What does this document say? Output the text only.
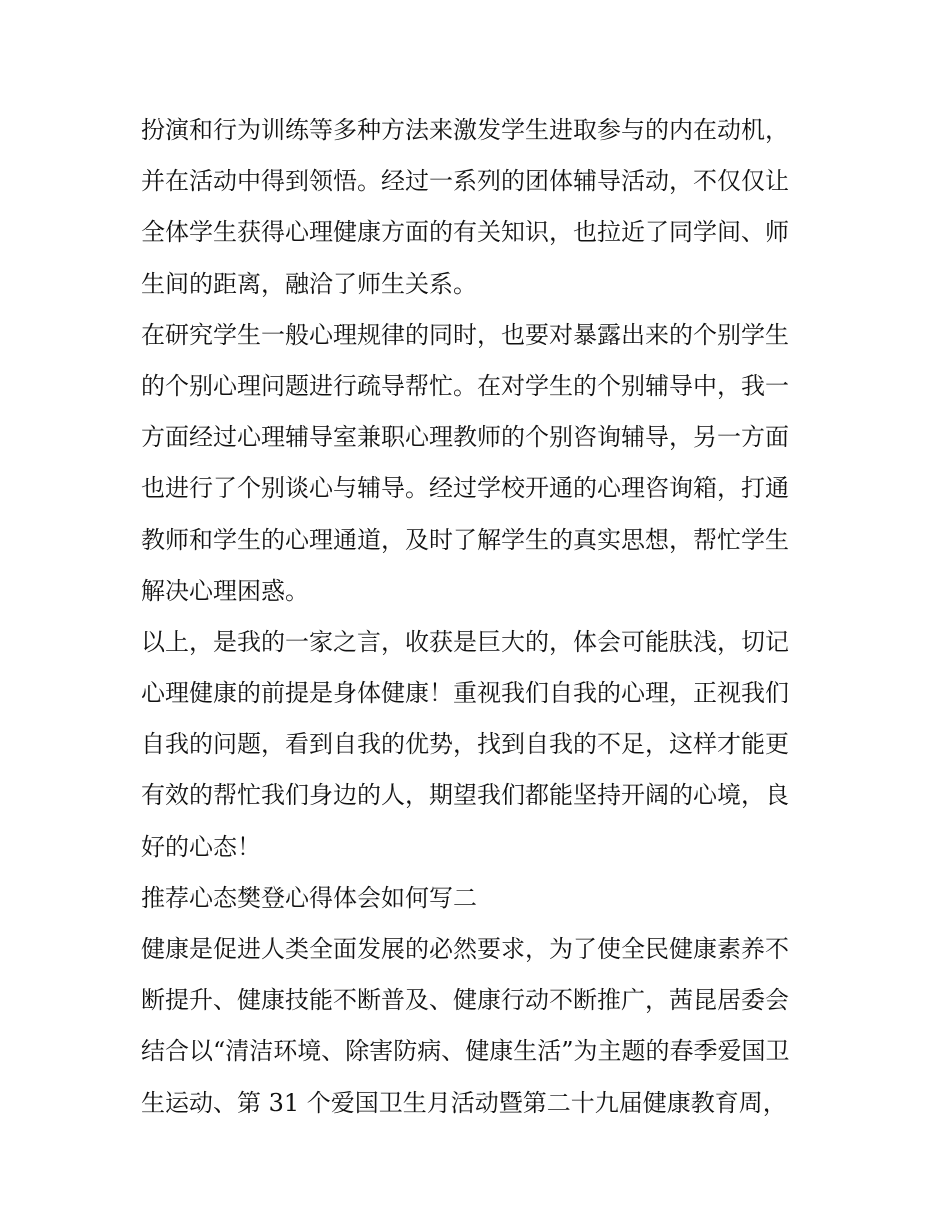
扮演和行为训练等多种方法来激发学生进取参与的内在动机，
并在活动中得到领悟。经过一系列的团体辅导活动，不仅仅让
全体学生获得心理健康方面的有关知识，也拉近了同学间、师
生间的距离，融洽了师生关系。
在研究学生一般心理规律的同时，也要对暴露出来的个别学生
的个别心理问题进行疏导帮忙。在对学生的个别辅导中，我一
方面经过心理辅导室兼职心理教师的个别咨询辅导，另一方面
也进行了个别谈心与辅导。经过学校开通的心理咨询箱，打通
教师和学生的心理通道，及时了解学生的真实思想，帮忙学生
解决心理困惑。
以上，是我的一家之言，收获是巨大的，体会可能肤浅，切记
心理健康的前提是身体健康！重视我们自我的心理，正视我们
自我的问题，看到自我的优势，找到自我的不足，这样才能更
有效的帮忙我们身边的人，期望我们都能坚持开阔的心境，良
好的心态！
推荐心态樊登心得体会如何写二
健康是促进人类全面发展的必然要求，为了使全民健康素养不
断提升、健康技能不断普及、健康行动不断推广，茜昆居委会
结合以“清洁环境、除害防病、健康生活”为主题的春季爱国卫
生运动、第 31 个爱国卫生月活动暨第二十九届健康教育周，
